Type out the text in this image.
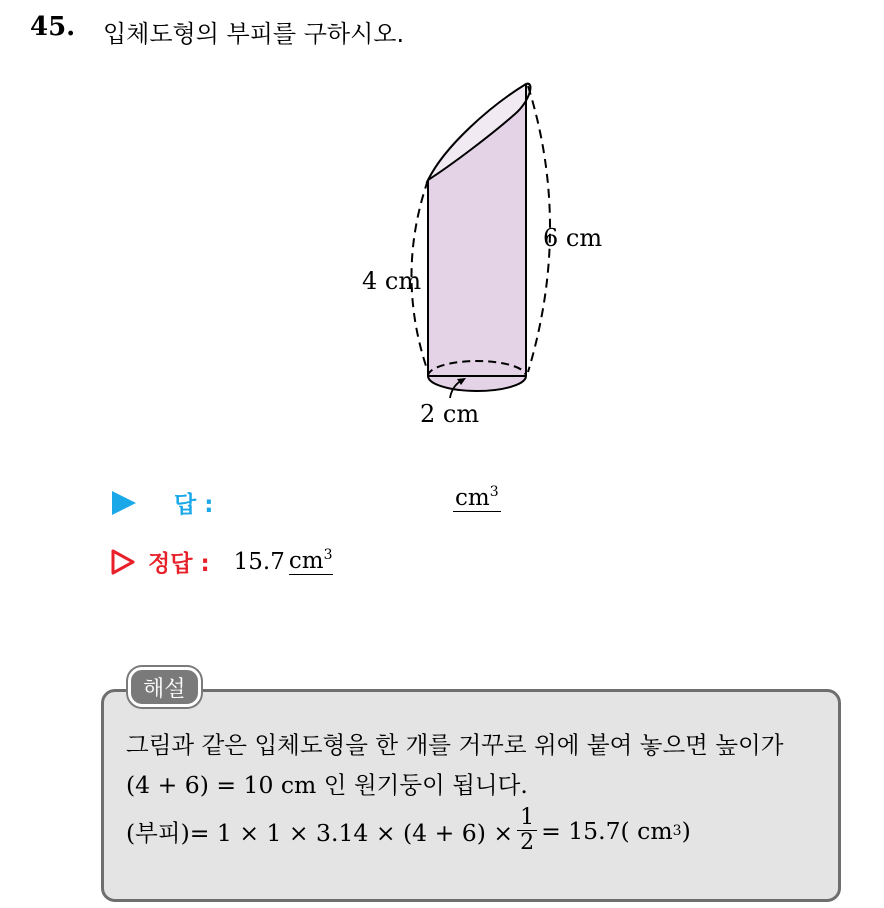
45. 입체도형의 부피를 구하시오.
4 cm
6 cm
2 cm
답 :	$cm^3$
정답 : 15.7 $cm^3$
해설
그림과 같은 입체도형을 한 개를 거꾸로 위에 붙여 놓으면 높이가
(4 + 6) = 10 cm 인 원기둥이 됩니다.
(부피)= $1 \times 1 \times 3.14 \times (4 + 6) \times \frac{1}{2} = 15.7$( cm 3 )
